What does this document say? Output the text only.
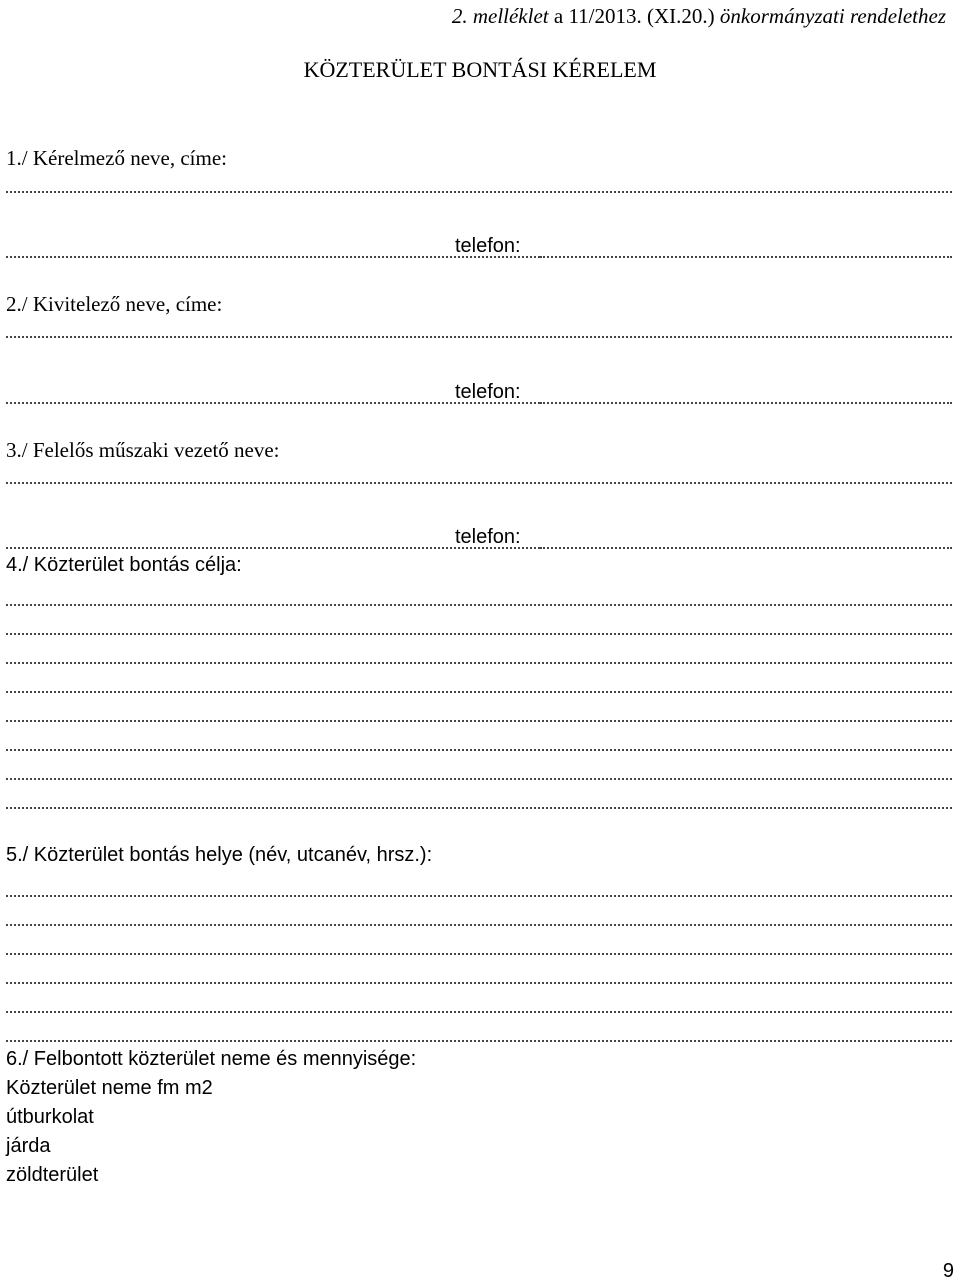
2. melléklet a 11/2013. (XI.20.) önkormányzati rendelethez
KÖZTERÜLET BONTÁSI KÉRELEM
1./ Kérelmező neve, címe:
telefon:
2./ Kivitelező neve, címe:
telefon:
3./ Felelős műszaki vezető neve:
telefon:
4./ Közterület bontás célja:
5./ Közterület bontás helye (név, utcanév, hrsz.):
6./ Felbontott közterület neme és mennyisége:
Közterület neme fm m2
útburkolat
járda
zöldterület
9
